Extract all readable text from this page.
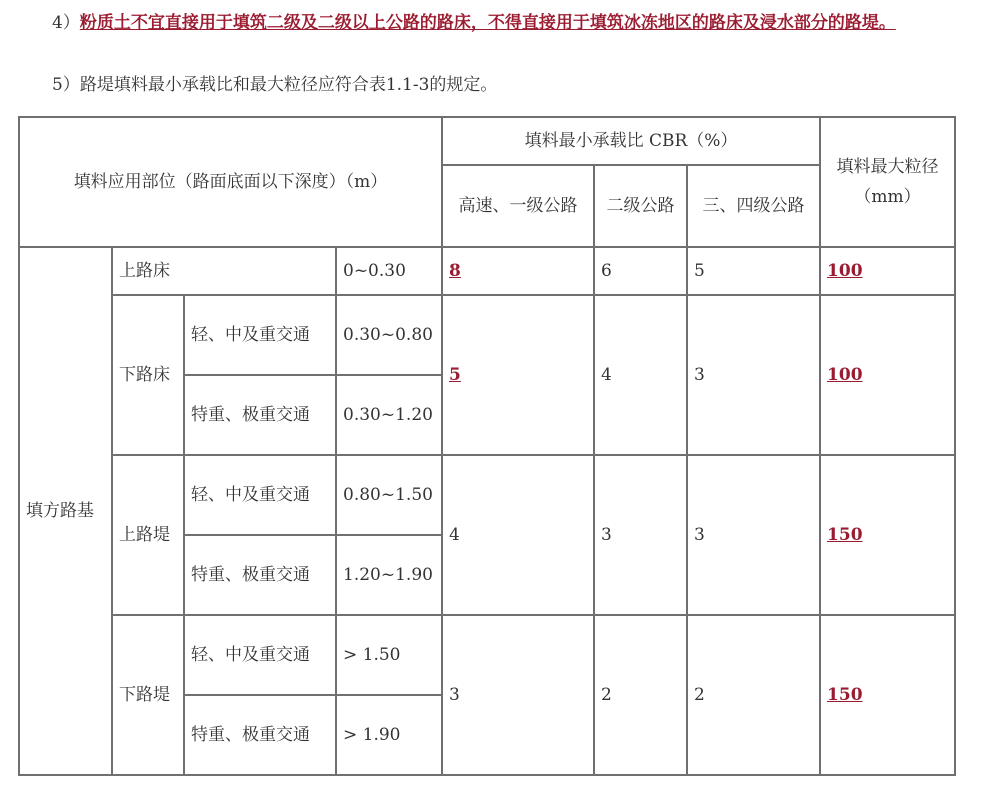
4）粉质土不宜直接用于填筑二级及二级以上公路的路床，不得直接用于填筑冰冻地区的路床及浸水部分的路堤。
5）路堤填料最小承载比和最大粒径应符合表1.1-3的规定。
填料应用部位（路面底面以下深度）（m）				填料最小承载比 CBR（%）			填料最大粒径（mm）
				高速、一级公路	二级公路	三、四级公路	
填方路基	上路床		0~0.30	8	6	5	100
	下路床	轻、中及重交通	0.30~0.80	5	4	3	100
		特重、极重交通	0.30~1.20				
	上路堤	轻、中及重交通	0.80~1.50	4	3	3	150
		特重、极重交通	1.20~1.90				
	下路堤	轻、中及重交通	> 1.50	3	2	2	150
		特重、极重交通	> 1.90				
